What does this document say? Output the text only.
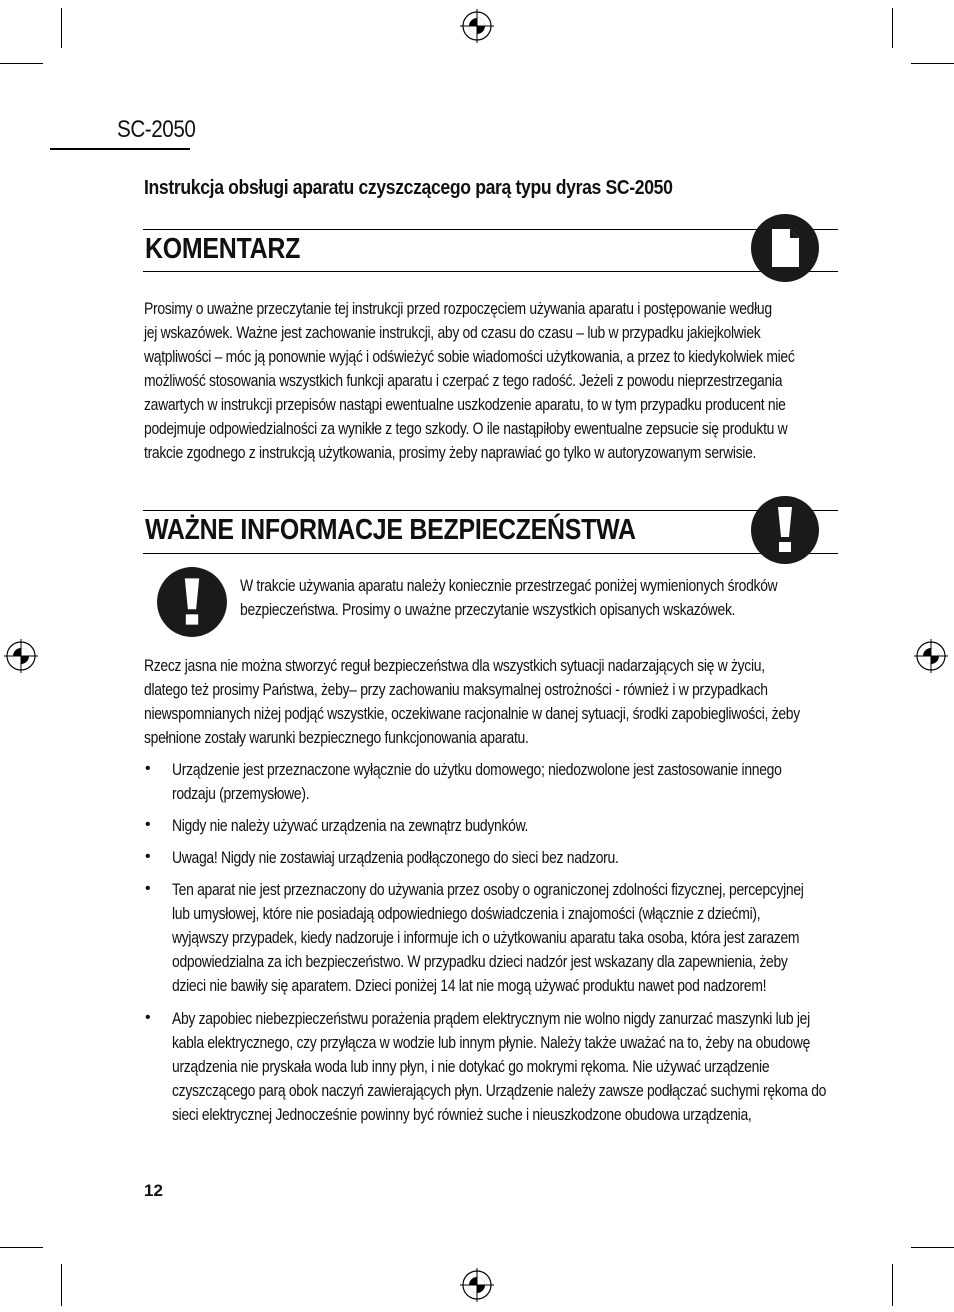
SC-2050
Instrukcja obsługi aparatu czyszczącego parą typu dyras SC-2050
KOMENTARZ
Prosimy o uważne przeczytanie tej instrukcji przed rozpoczęciem używania aparatu i postępowanie według
jej wskazówek. Ważne jest zachowanie instrukcji, aby od czasu do czasu – lub w przypadku jakiejkolwiek
wątpliwości – móc ją ponownie wyjąć i odświeżyć sobie wiadomości użytkowania, a przez to kiedykolwiek mieć
możliwość stosowania wszystkich funkcji aparatu i czerpać z tego radość. Jeżeli z powodu nieprzestrzegania
zawartych w instrukcji przepisów nastąpi ewentualne uszkodzenie aparatu, to w tym przypadku producent nie
podejmuje odpowiedzialności za wynikłe z tego szkody. O ile nastąpiłoby ewentualne zepsucie się produktu w
trakcie zgodnego z instrukcją użytkowania, prosimy żeby naprawiać go tylko w autoryzowanym serwisie.
WAŻNE INFORMACJE BEZPIECZEŃSTWA
W trakcie używania aparatu należy koniecznie przestrzegać poniżej wymienionych środków
bezpieczeństwa. Prosimy o uważne przeczytanie wszystkich opisanych wskazówek.
Rzecz jasna nie można stworzyć reguł bezpieczeństwa dla wszystkich sytuacji nadarzających się w życiu,
dlatego też prosimy Państwa, żeby– przy zachowaniu maksymalnej ostrożności - również i w przypadkach
niewspomnianych niżej podjąć wszystkie, oczekiwane racjonalnie w danej sytuacji, środki zapobiegliwości, żeby
spełnione zostały warunki bezpiecznego funkcjonowania aparatu.
• Urządzenie jest przeznaczone wyłącznie do użytku domowego; niedozwolone jest zastosowanie innego
rodzaju (przemysłowe).
• Nigdy nie należy używać urządzenia na zewnątrz budynków.
• Uwaga! Nigdy nie zostawiaj urządzenia podłączonego do sieci bez nadzoru.
• Ten aparat nie jest przeznaczony do używania przez osoby o ograniczonej zdolności fizycznej, percepcyjnej
lub umysłowej, które nie posiadają odpowiedniego doświadczenia i znajomości (włącznie z dziećmi),
wyjąwszy przypadek, kiedy nadzoruje i informuje ich o użytkowaniu aparatu taka osoba, która jest zarazem
odpowiedzialna za ich bezpieczeństwo. W przypadku dzieci nadzór jest wskazany dla zapewnienia, żeby
dzieci nie bawiły się aparatem. Dzieci poniżej 14 lat nie mogą używać produktu nawet pod nadzorem!
• Aby zapobiec niebezpieczeństwu porażenia prądem elektrycznym nie wolno nigdy zanurzać maszynki lub jej
kabla elektrycznego, czy przyłącza w wodzie lub innym płynie. Należy także uważać na to, żeby na obudowę
urządzenia nie pryskała woda lub inny płyn, i nie dotykać go mokrymi rękoma. Nie używać urządzenie
czyszczącego parą obok naczyń zawierających płyn. Urządzenie należy zawsze podłączać suchymi rękoma do
sieci elektrycznej Jednocześnie powinny być również suche i nieuszkodzone obudowa urządzenia,
12
